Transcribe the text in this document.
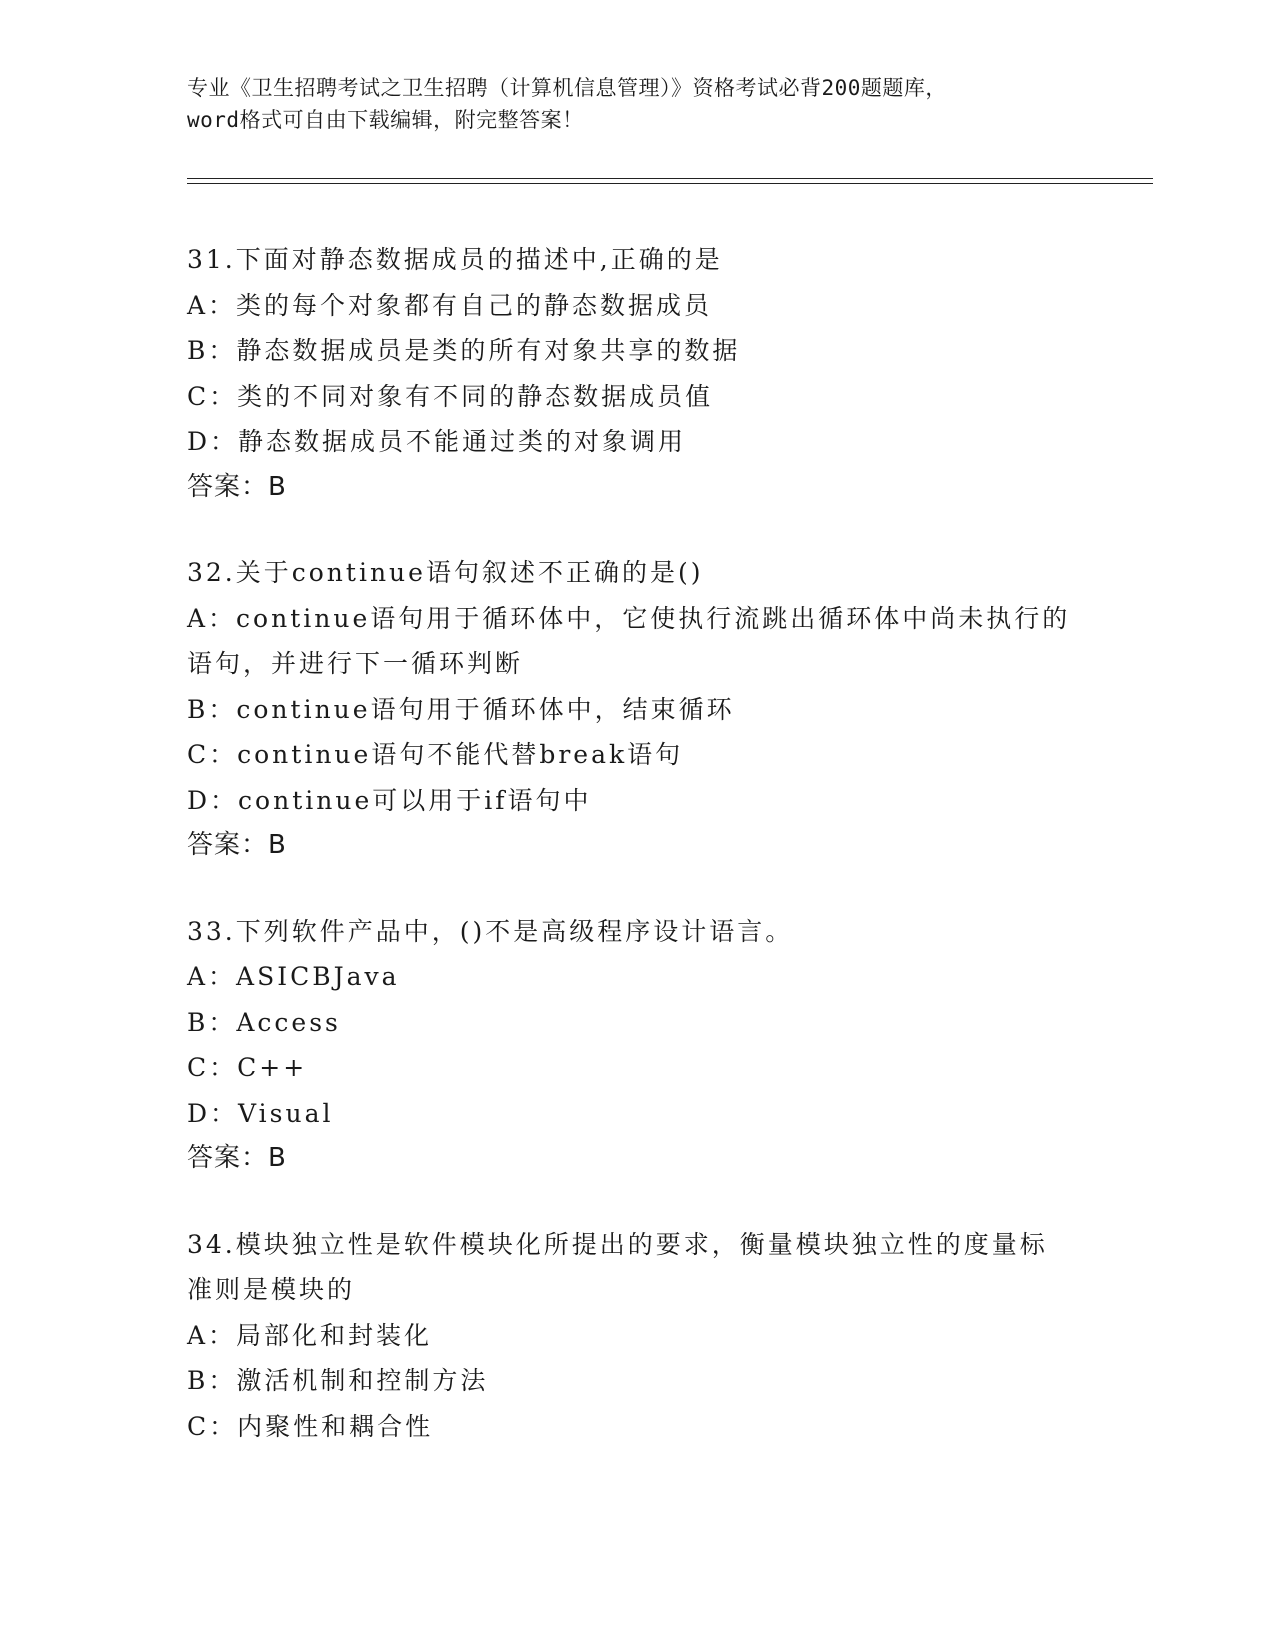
专业《卫生招聘考试之卫生招聘（计算机信息管理）》资格考试必背200题题库，
word格式可自由下载编辑，附完整答案！
31.下面对静态数据成员的描述中,正确的是
A：类的每个对象都有自己的静态数据成员
B：静态数据成员是类的所有对象共享的数据
C：类的不同对象有不同的静态数据成员值
D：静态数据成员不能通过类的对象调用
答案：B
32.关于continue语句叙述不正确的是()
A：continue语句用于循环体中，它使执行流跳出循环体中尚未执行的
语句，并进行下一循环判断
B：continue语句用于循环体中，结束循环
C：continue语句不能代替break语句
D：continue可以用于if语句中
答案：B
33.下列软件产品中，()不是高级程序设计语言。
A：ASICBJava
B：Access
C：C++
D：Visual
答案：B
34.模块独立性是软件模块化所提出的要求，衡量模块独立性的度量标
准则是模块的
A：局部化和封装化
B：激活机制和控制方法
C：内聚性和耦合性
